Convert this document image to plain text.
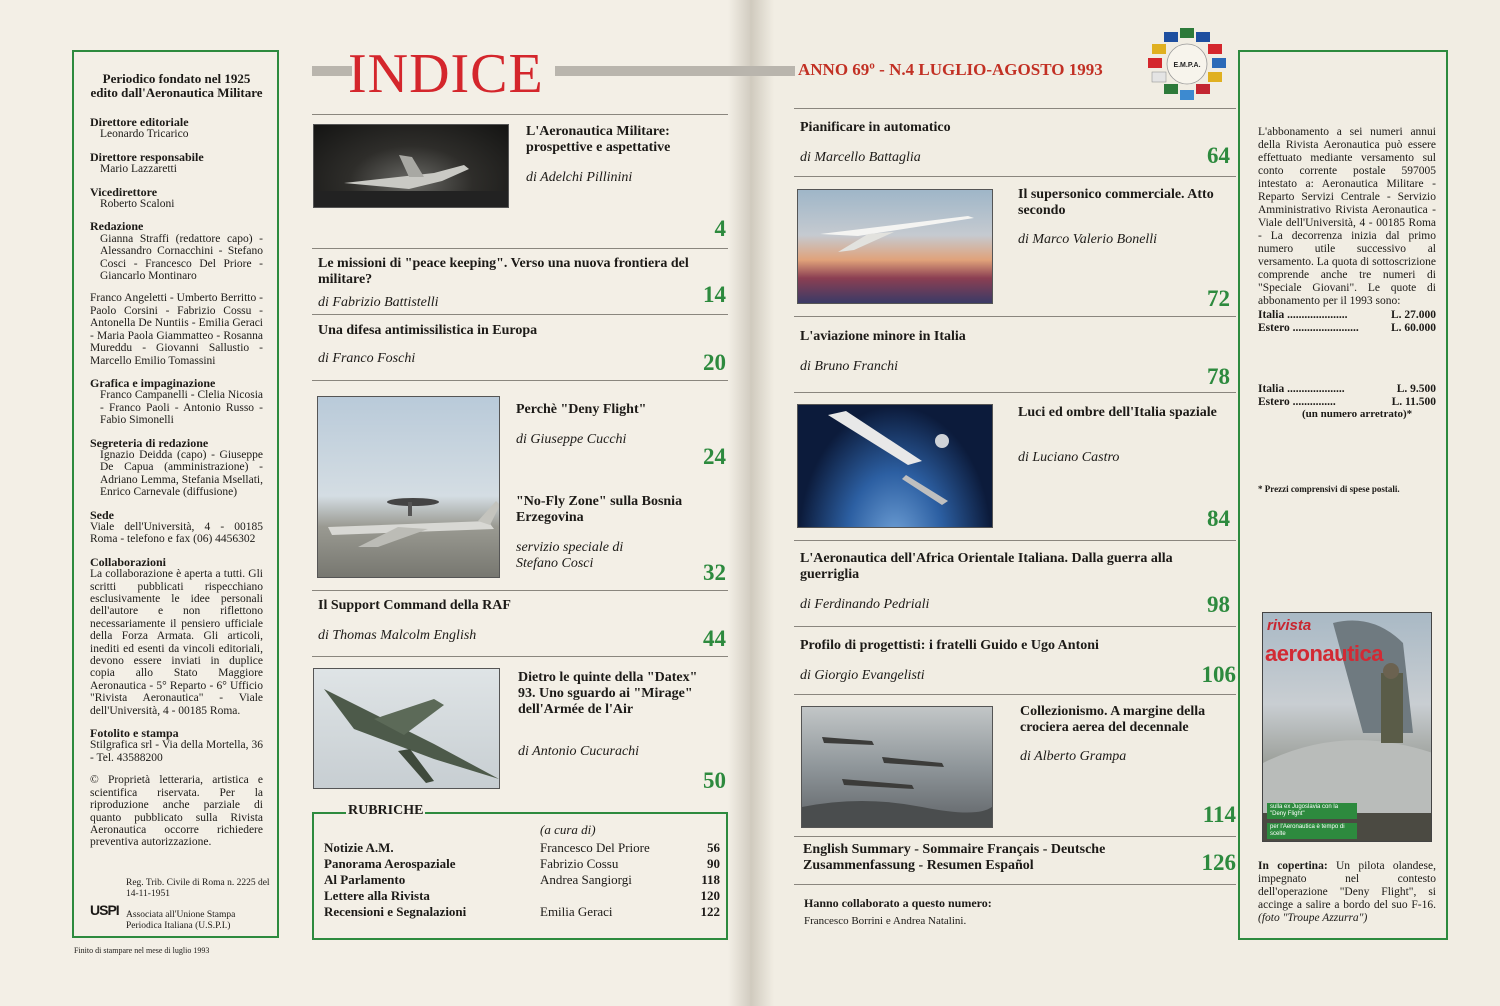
Periodico fondato nel 1925 edito dall'Aeronautica Militare
Direttore editoriale
Leonardo Tricarico
Direttore responsabile
Mario Lazzaretti
Vicedirettore
Roberto Scaloni
Redazione
Gianna Straffi (redattore capo) - Alessandro Cornacchini - Stefano Cosci - Francesco Del Priore - Giancarlo Montinaro
Franco Angeletti - Umberto Berritto - Paolo Corsini - Fabrizio Cossu - Antonella De Nuntiis - Emilia Geraci - Maria Paola Giammatteo - Rosanna Mureddu - Giovanni Sallustio - Marcello Emilio Tomassini
Grafica e impaginazione
Franco Campanelli - Clelia Nicosia - Franco Paoli - Antonio Russo - Fabio Simonelli
Segreteria di redazione
Ignazio Deidda (capo) - Giuseppe De Capua (amministrazione) - Adriano Lemma, Stefania Msellati, Enrico Carnevale (diffusione)
Sede
Viale dell'Università, 4 - 00185 Roma - telefono e fax (06) 4456302
Collaborazioni
La collaborazione è aperta a tutti. Gli scritti pubblicati rispecchiano esclusivamente le idee personali dell'autore e non riflettono necessariamente il pensiero ufficiale della Forza Armata. Gli articoli, inediti ed esenti da vincoli editoriali, devono essere inviati in duplice copia allo Stato Maggiore Aeronautica - 5° Reparto - 6° Ufficio "Rivista Aeronautica" - Viale dell'Università, 4 - 00185 Roma.
Fotolito e stampa
Stilgrafica srl - Via della Mortella, 36 - Tel. 43588200
© Proprietà letteraria, artistica e scientifica riservata. Per la riproduzione anche parziale di quanto pubblicato sulla Rivista Aeronautica occorre richiedere preventiva autorizzazione.
Reg. Trib. Civile di Roma n. 2225 del 14-11-1951
Associata all'Unione Stampa Periodica Italiana (U.S.P.I.)
USPI
Finito di stampare nel mese di luglio 1993
INDICE	ANNO 69º - N.4 LUGLIO-AGOSTO 1993	E.M.P.A.
L'Aeronautica Militare: prospettive e aspettative
di Adelchi Pillinini
4
Le missioni di "peace keeping". Verso una nuova frontiera del militare?
di Fabrizio Battistelli	14
Una difesa antimissilistica in Europa
di Franco Foschi	20
Perchè "Deny Flight"
di Giuseppe Cucchi
24
"No-Fly Zone" sulla Bosnia Erzegovina
servizio speciale di Stefano Cosci	32
Il Support Command della RAF
di Thomas Malcolm English	44
Dietro le quinte della "Datex" 93. Uno sguardo ai "Mirage" dell'Armée de l'Air
di Antonio Cucurachi
50
RUBRICHE
(a cura di)
Notizie A.M.	Francesco Del Priore	56
Panorama Aerospaziale	Fabrizio Cossu	90
Al Parlamento	Andrea Sangiorgi	118
Lettere alla Rivista	120
Recensioni e Segnalazioni	Emilia Geraci	122
Pianificare in automatico
di Marcello Battaglia	64
Il supersonico commerciale. Atto secondo
di Marco Valerio Bonelli
72
L'aviazione minore in Italia
di Bruno Franchi	78
Luci ed ombre dell'Italia spaziale
di Luciano Castro
84
L'Aeronautica dell'Africa Orientale Italiana. Dalla guerra alla guerriglia
di Ferdinando Pedriali	98
Profilo di progettisti: i fratelli Guido e Ugo Antoni
di Giorgio Evangelisti	106
Collezionismo. A margine della crociera aerea del decennale
di Alberto Grampa
114
English Summary - Sommaire Français - Deutsche Zusammenfassung - Resumen Español	126
Hanno collaborato a questo numero:
Francesco Borrini e Andrea Natalini.
L'abbonamento a sei numeri annui della Rivista Aeronautica può essere effettuato mediante versamento sul conto corrente postale 597005 intestato a: Aeronautica Militare - Reparto Servizi Centrale - Servizio Amministrativo Rivista Aeronautica - Viale dell'Università, 4 - 00185 Roma - La decorrenza inizia dal primo numero utile successivo al versamento. La quota di sottoscrizione comprende anche tre numeri di "Speciale Giovani". Le quote di abbonamento per il 1993 sono:
Italia .....................	L. 27.000
Estero .......................	L. 60.000
(un numero arretrato)*
Italia ....................	L. 9.500
Estero ...............	L. 11.500
* Prezzi comprensivi di spese postali.
In copertina: Un pilota olandese, impegnato nel contesto dell'operazione "Deny Flight", si accinge a salire a bordo del suo F-16. (foto "Troupe Azzurra")
rivista
aeronautica
sulla ex Jugoslavia con la "Deny Flight"
per l'Aeronautica è tempo di scelte
